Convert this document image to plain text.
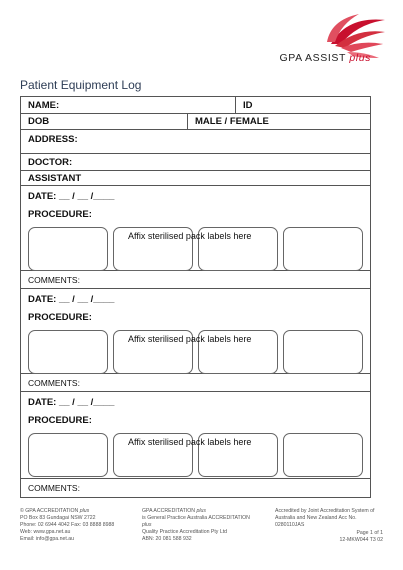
GPA ASSIST plus
Patient Equipment Log
NAME:	ID
DOB	MALE / FEMALE
ADDRESS:
DOCTOR:
ASSISTANT
DATE: __ / __ /____
PROCEDURE:
Affix sterilised pack labels here
COMMENTS:
DATE: __ / __ /____
PROCEDURE:
Affix sterilised pack labels here
COMMENTS:
DATE: __ / __ /____
PROCEDURE:
Affix sterilised pack labels here
COMMENTS:
© GPA ACCREDITATION plus
PO Box 83 Gundagai NSW 2722
Phone: 02 6944 4042 Fax: 03 8888 8988
Web: www.gpa.net.au
Email: info@gpa.net.au
GPA ACCREDITATION plus
is General Practice Australia ACCREDITATION
plus
Quality Practice Accreditation Pty Ltd
ABN: 20 081 588 932
Accredited by Joint Accreditation System of
Australia and New Zealand Acc No. 0280110JAS
Page 1 of 1
12-MKW044 T3 02
